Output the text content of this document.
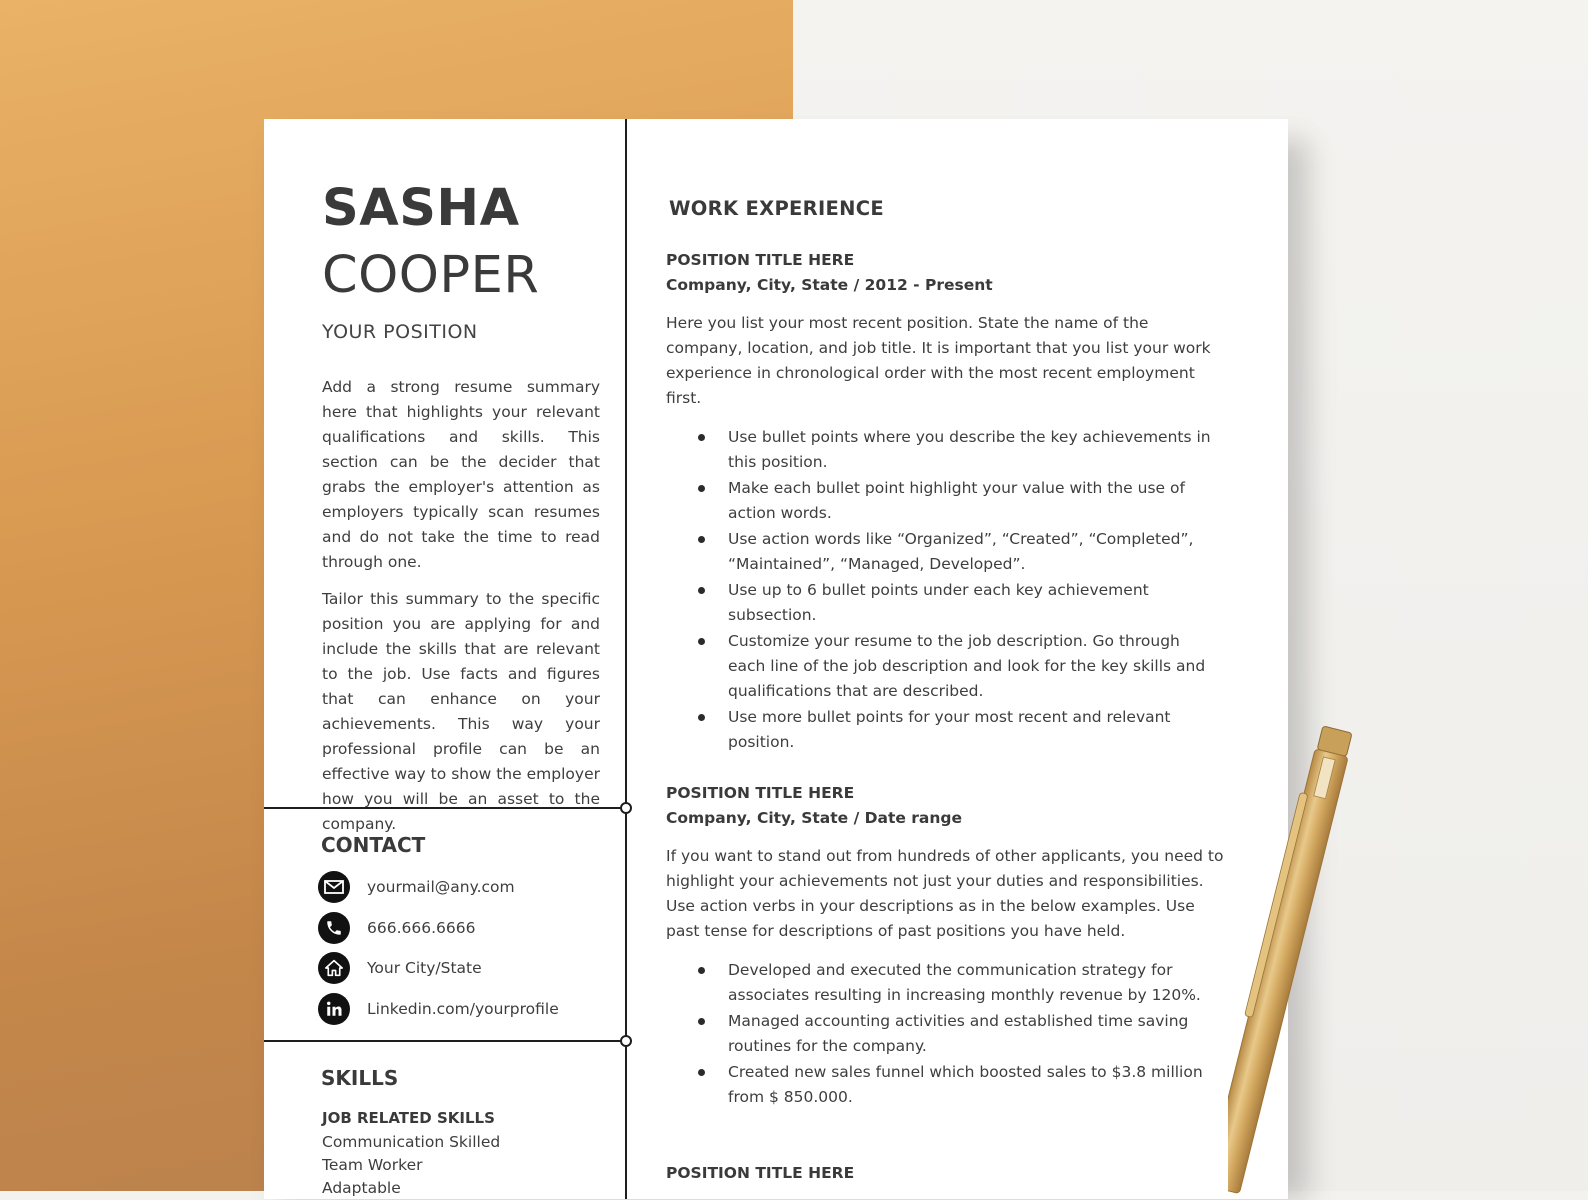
SASHA
COOPER
YOUR POSITION

Add a strong resume summary here that highlights your relevant qualifications and skills. This section can be the decider that grabs the employer's attention as employers typically scan resumes and do not take the time to read through one.

Tailor this summary to the specific position you are applying for and include the skills that are relevant to the job. Use facts and figures that can enhance on your achievements. This way your professional profile can be an effective way to show the employer how you will be an asset to the company.

CONTACT
yourmail@any.com
666.666.6666
Your City/State
Linkedin.com/yourprofile
SKILLS
JOB RELATED SKILLS
Communication Skilled
Team Worker
Adaptable
WORK EXPERIENCE
POSITION TITLE HERE
Company, City, State / 2012 - Present
Here you list your most recent position. State the name of the company, location, and job title. It is important that you list your work experience in chronological order with the most recent employment first.
Use bullet points where you describe the key achievements in this position.
Make each bullet point highlight your value with the use of action words.
Use action words like “Organized”, “Created”, “Completed”, “Maintained”, “Managed, Developed”.
Use up to 6 bullet points under each key achievement subsection.
Customize your resume to the job description. Go through each line of the job description and look for the key skills and qualifications that are described.
Use more bullet points for your most recent and relevant position.
POSITION TITLE HERE
Company, City, State / Date range
If you want to stand out from hundreds of other applicants, you need to highlight your achievements not just your duties and responsibilities. Use action verbs in your descriptions as in the below examples. Use past tense for descriptions of past positions you have held.
Developed and executed the communication strategy for associates resulting in increasing monthly revenue by 120%.
Managed accounting activities and established time saving routines for the company.
Created new sales funnel which boosted sales to $3.8 million from $ 850.000.
POSITION TITLE HERE
